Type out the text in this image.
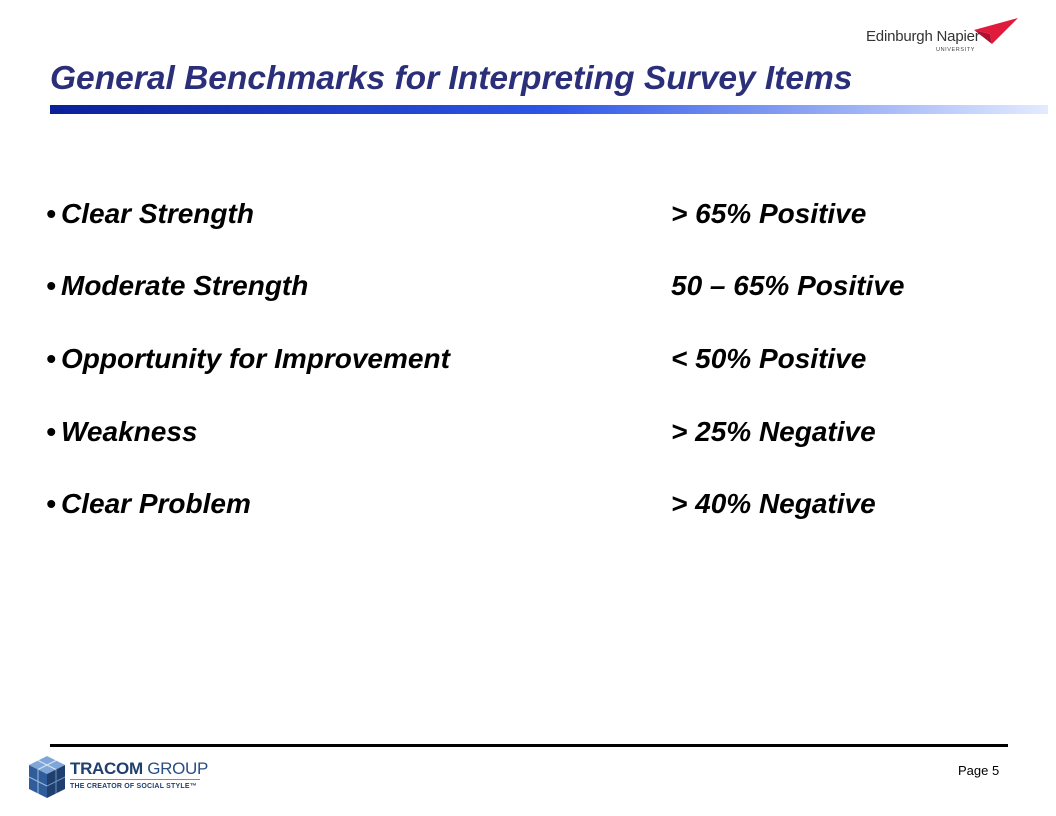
Edinburgh Napier
UNIVERSITY
General Benchmarks for Interpreting Survey Items
• Clear Strength	> 65% Positive
• Moderate Strength	50 – 65% Positive
• Opportunity for Improvement	< 50% Positive
• Weakness	> 25% Negative
• Clear Problem	> 40% Negative
TRACOM GROUP
THE CREATOR OF SOCIAL STYLE™
Page 5
